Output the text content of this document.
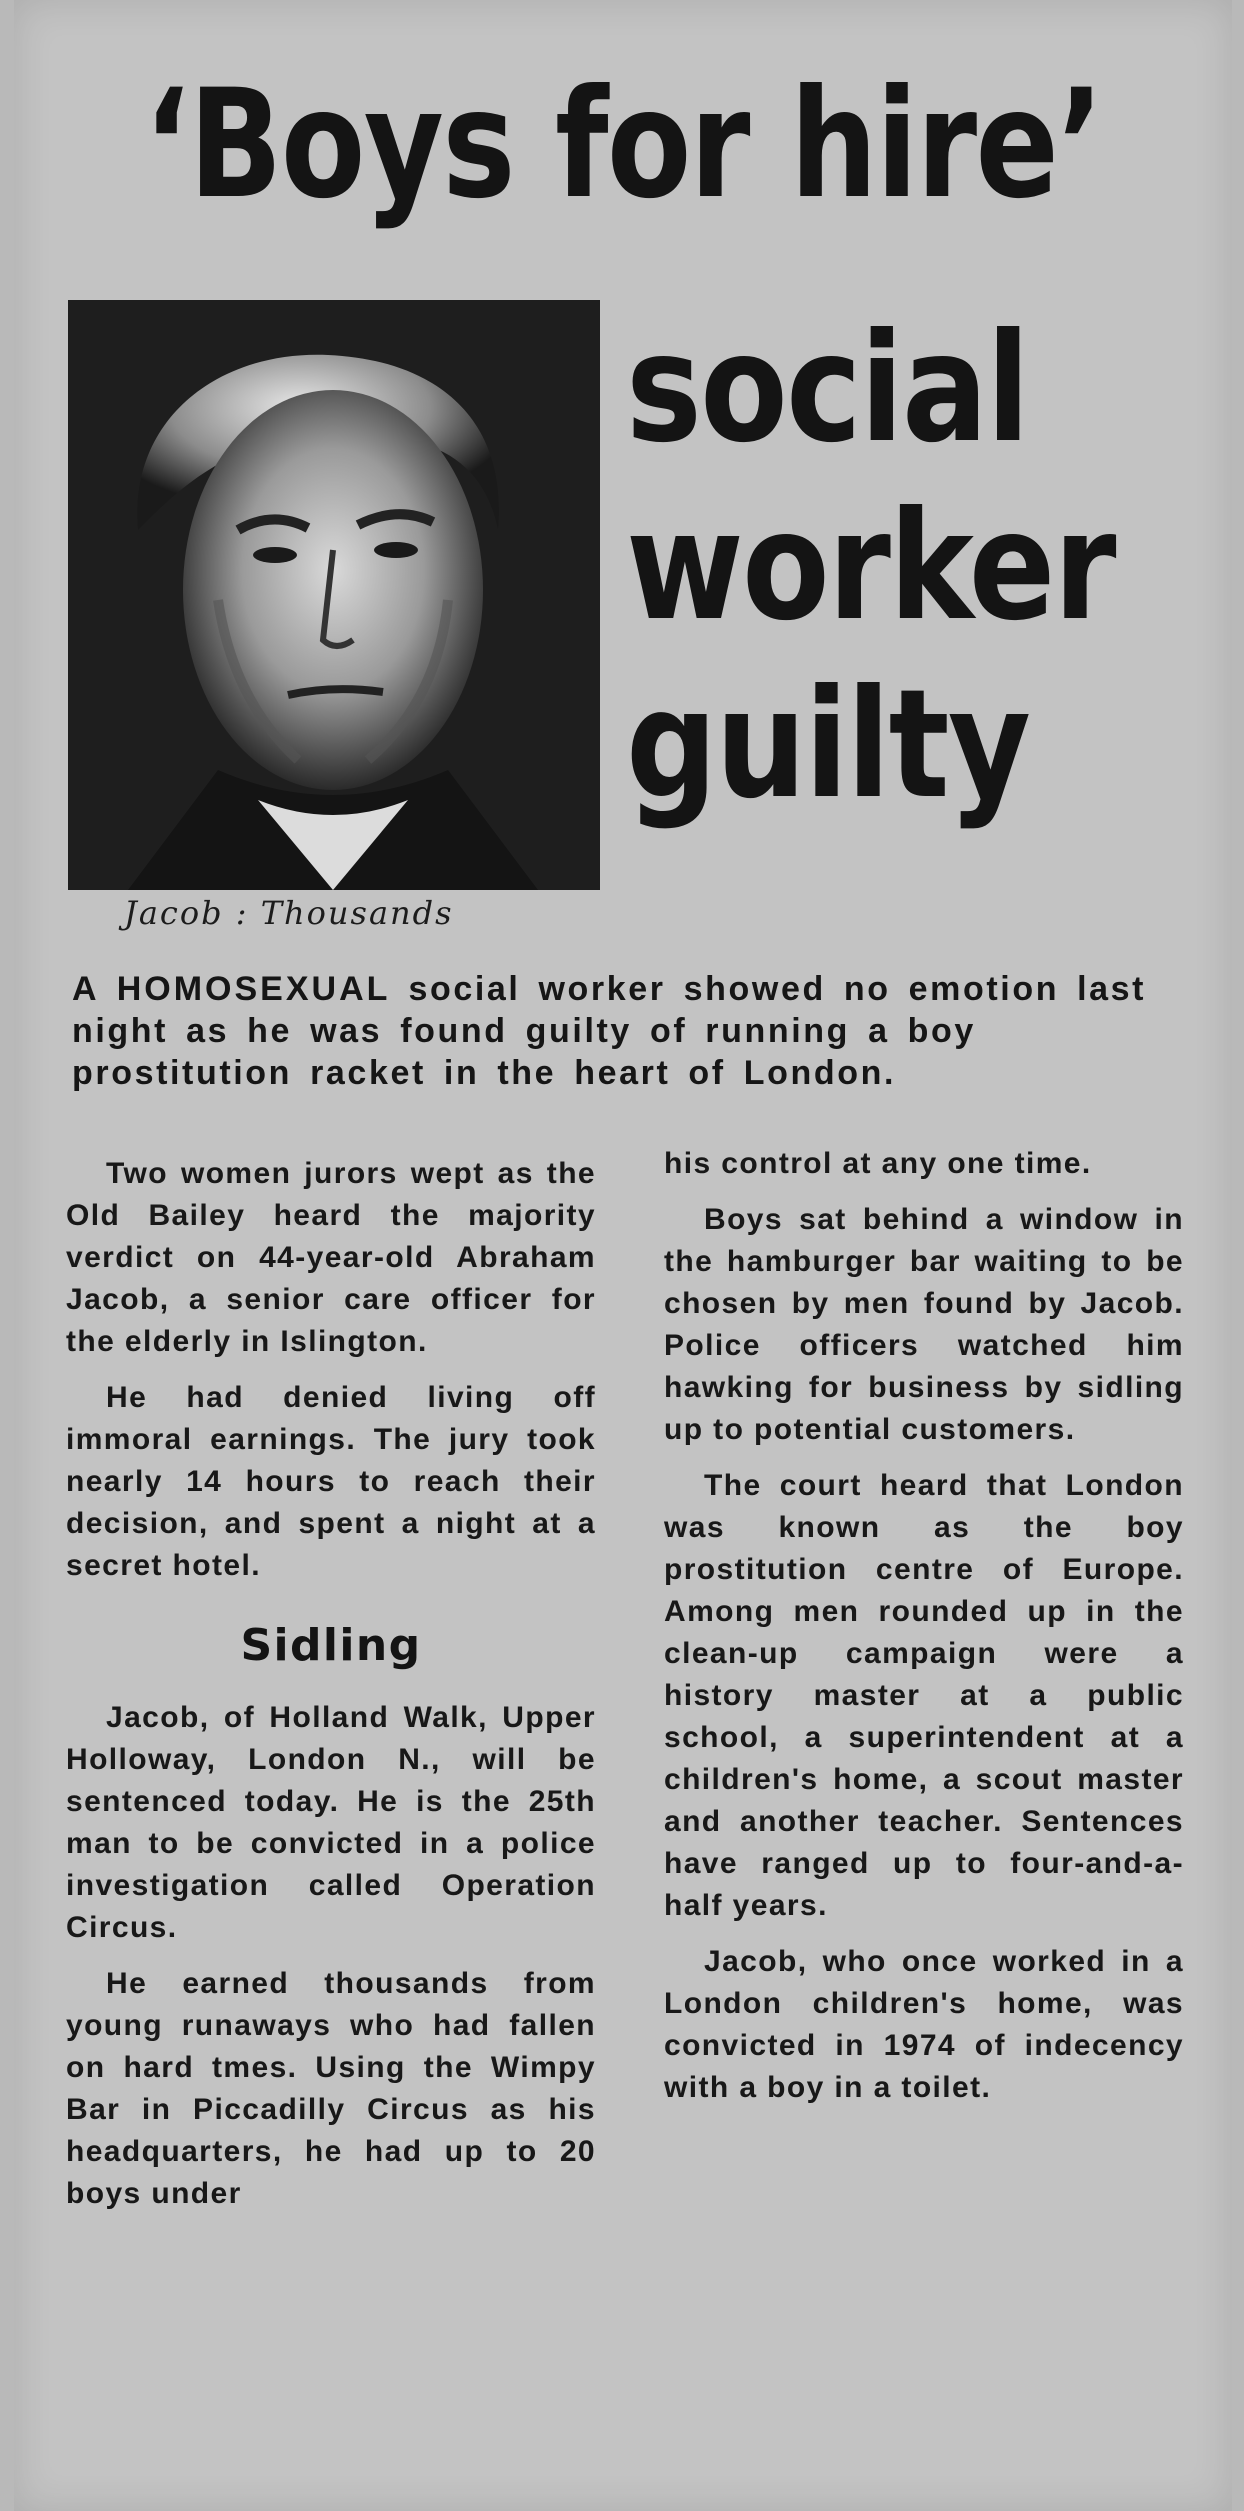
‘Boys for hire’
Jacob : Thousands
social
worker
guilty
A HOMOSEXUAL social worker showed no emotion last night as he was found guilty of running a boy prostitution racket in the heart of London.

Two women jurors wept as the Old Bailey heard the majority verdict on 44-year-old Abraham Jacob, a senior care officer for the elderly in Islington.

He had denied living off immoral earnings. The jury took nearly 14 hours to reach their decision, and spent a night at a secret hotel.

Sidling

Jacob, of Holland Walk, Upper Holloway, London N., will be sentenced today. He is the 25th man to be convicted in a police investigation called Operation Circus.

He earned thousands from young runaways who had fallen on hard tmes. Using the Wimpy Bar in Piccadilly Circus as his headquarters, he had up to 20 boys under

his control at any one time.

Boys sat behind a window in the hamburger bar waiting to be chosen by men found by Jacob. Police officers watched him hawking for business by sidling up to potential customers.

The court heard that London was known as the boy prostitution centre of Europe. Among men rounded up in the clean-up campaign were a history master at a public school, a superintendent at a children's home, a scout master and another teacher. Sentences have ranged up to four-and-a-half years.

Jacob, who once worked in a London children's home, was convicted in 1974 of indecency with a boy in a toilet.
